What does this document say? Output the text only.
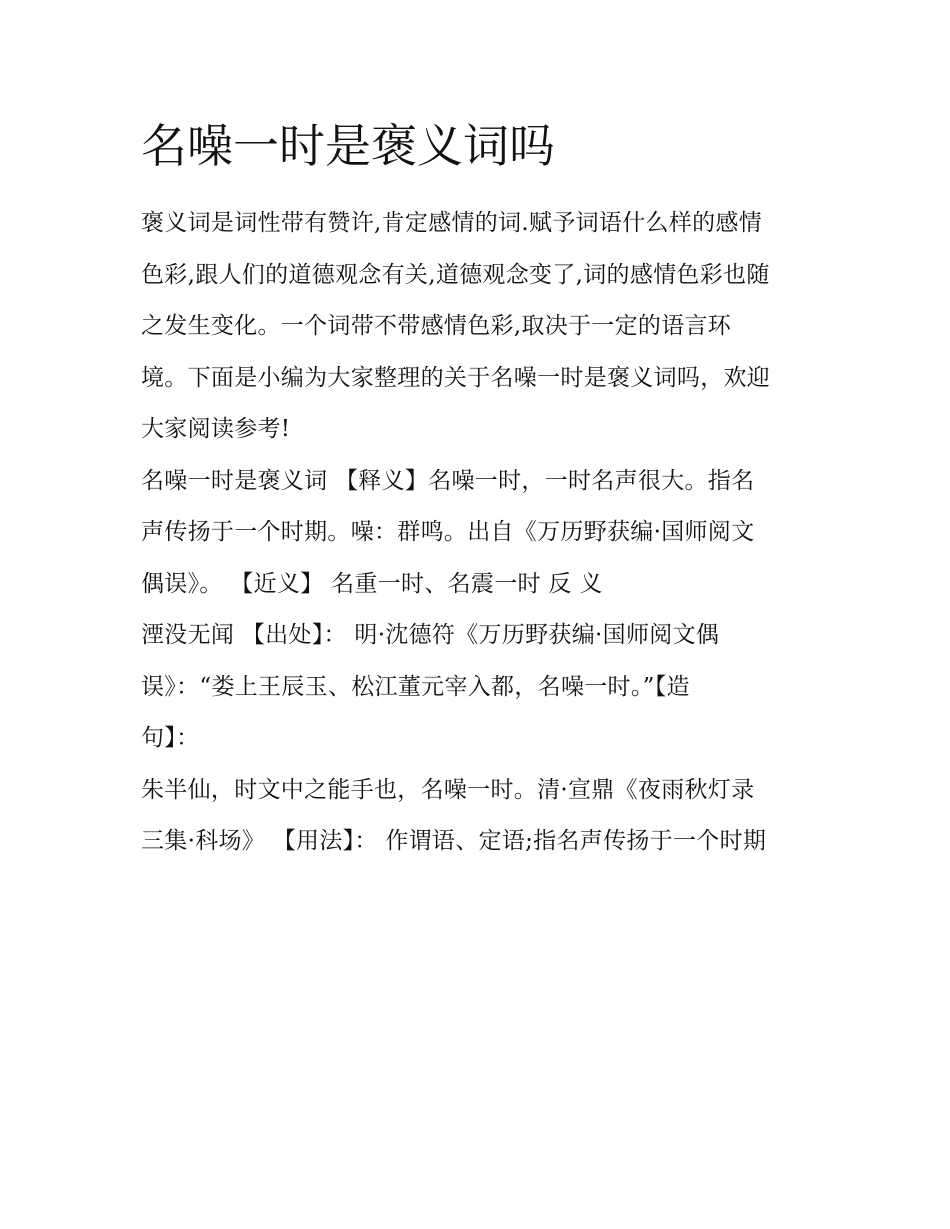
名噪一时是褒义词吗
褒义词是词性带有赞许,肯定感情的词.赋予词语什么样的感情
色彩,跟人们的道德观念有关,道德观念变了,词的感情色彩也随
之发生变化。一个词带不带感情色彩,取决于一定的语言环
境。下面是小编为大家整理的关于名噪一时是褒义词吗，欢迎
大家阅读参考!
名噪一时是褒义词 【释义】名噪一时，一时名声很大。指名
声传扬于一个时期。噪：群鸣。出自《万历野获编·国师阅文
偶误》。 【近义】 名重一时、名震一时 反 义
湮没无闻 【出处】： 明·沈德符《万历野获编·国师阅文偶
误》：“娄上王辰玉、松江董元宰入都，名噪一时。”【造
句】：
朱半仙，时文中之能手也，名噪一时。清·宣鼎《夜雨秋灯录
三集·科场》 【用法】： 作谓语、定语;指名声传扬于一个时期
